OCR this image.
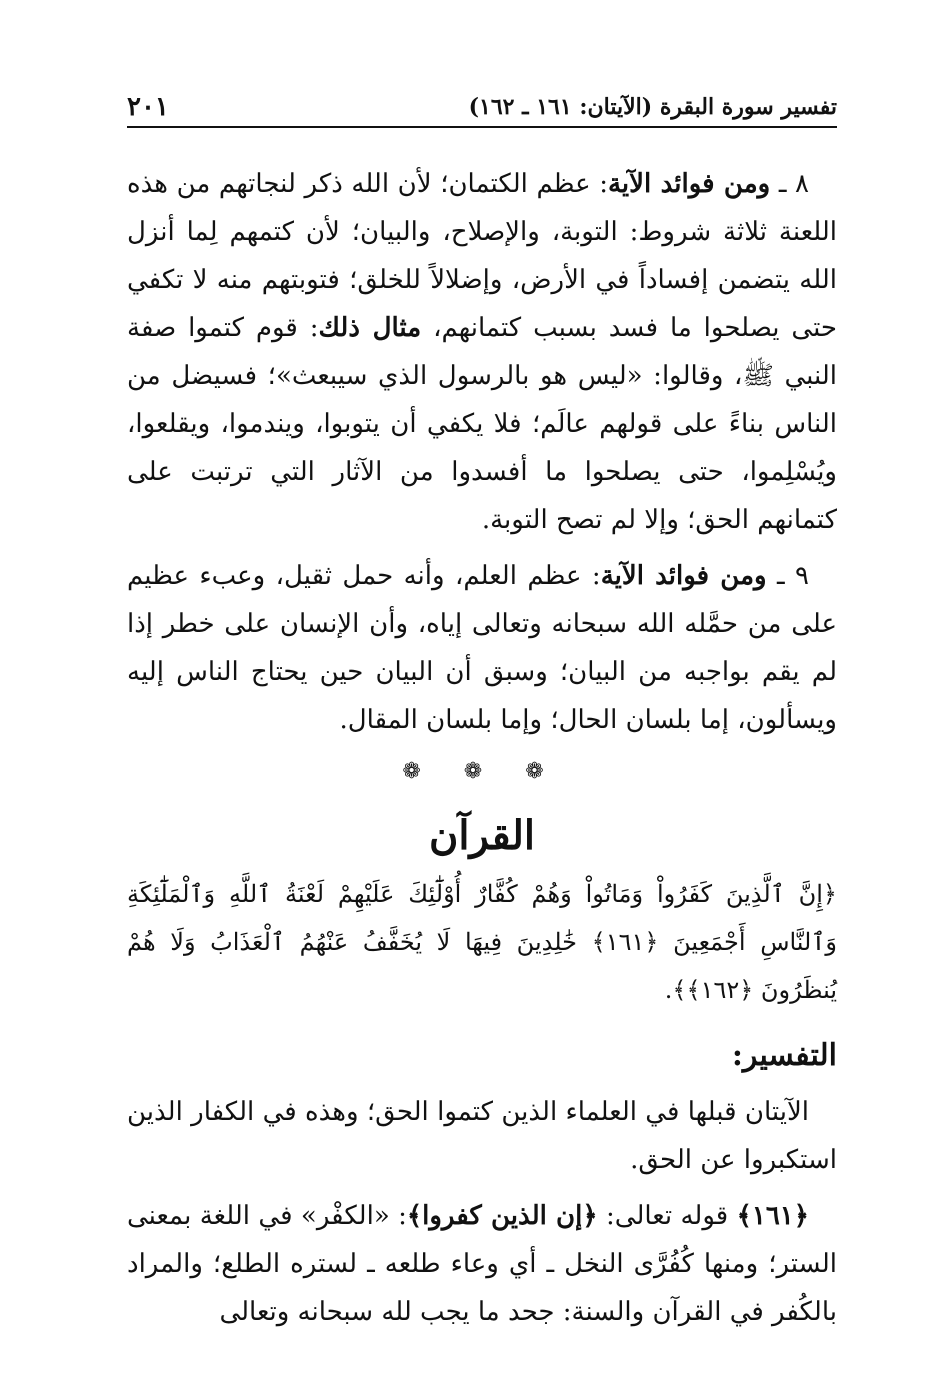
تفسير سورة البقرة (الآيتان: ١٦١ ـ ١٦٢)
٢٠١

٨ ـ ومن فوائد الآية: عظم الكتمان؛ لأن الله ذكر لنجاتهم من هذه اللعنة ثلاثة شروط: التوبة، والإصلاح، والبيان؛ لأن كتمهم لِما أنزل الله يتضمن إفساداً في الأرض، وإضلالاً للخلق؛ فتوبتهم منه لا تكفي حتى يصلحوا ما فسد بسبب كتمانهم، مثال ذلك: قوم كتموا صفة النبي ﷺ، وقالوا: «ليس هو بالرسول الذي سيبعث»؛ فسيضل من الناس بناءً على قولهم عالَم؛ فلا يكفي أن يتوبوا، ويندموا، ويقلعوا، ويُسْلِموا، حتى يصلحوا ما أفسدوا من الآثار التي ترتبت على كتمانهم الحق؛ وإلا لم تصح التوبة.

٩ ـ ومن فوائد الآية: عظم العلم، وأنه حمل ثقيل، وعبء عظيم على من حمَّله الله سبحانه وتعالى إياه، وأن الإنسان على خطر إذا لم يقم بواجبه من البيان؛ وسبق أن البيان حين يحتاج الناس إليه ويسألون، إما بلسان الحال؛ وإما بلسان المقال.

❁ ❁ ❁
القرآن

﴿إِنَّ ٱلَّذِينَ كَفَرُواْ وَمَاتُواْ وَهُمْ كُفَّارٌ أُوْلَٰٓئِكَ عَلَيْهِمْ لَعْنَةُ ٱللَّهِ وَٱلْمَلَٰٓئِكَةِ وَٱلنَّاسِ أَجْمَعِينَ ﴿١٦١﴾ خَٰلِدِينَ فِيهَا لَا يُخَفَّفُ عَنْهُمُ ٱلْعَذَابُ وَلَا هُمْ يُنظَرُونَ ﴿١٦٢﴾﴾.

التفسير:

الآيتان قبلها في العلماء الذين كتموا الحق؛ وهذه في الكفار الذين استكبروا عن الحق.

﴿١٦١﴾ قوله تعالى: ﴿إن الذين كفروا﴾: «الكفْر» في اللغة بمعنى الستر؛ ومنها كُفُرَّى النخل ـ أي وعاء طلعه ـ لستره الطلع؛ والمراد بالكُفر في القرآن والسنة: جحد ما يجب لله سبحانه وتعالى
